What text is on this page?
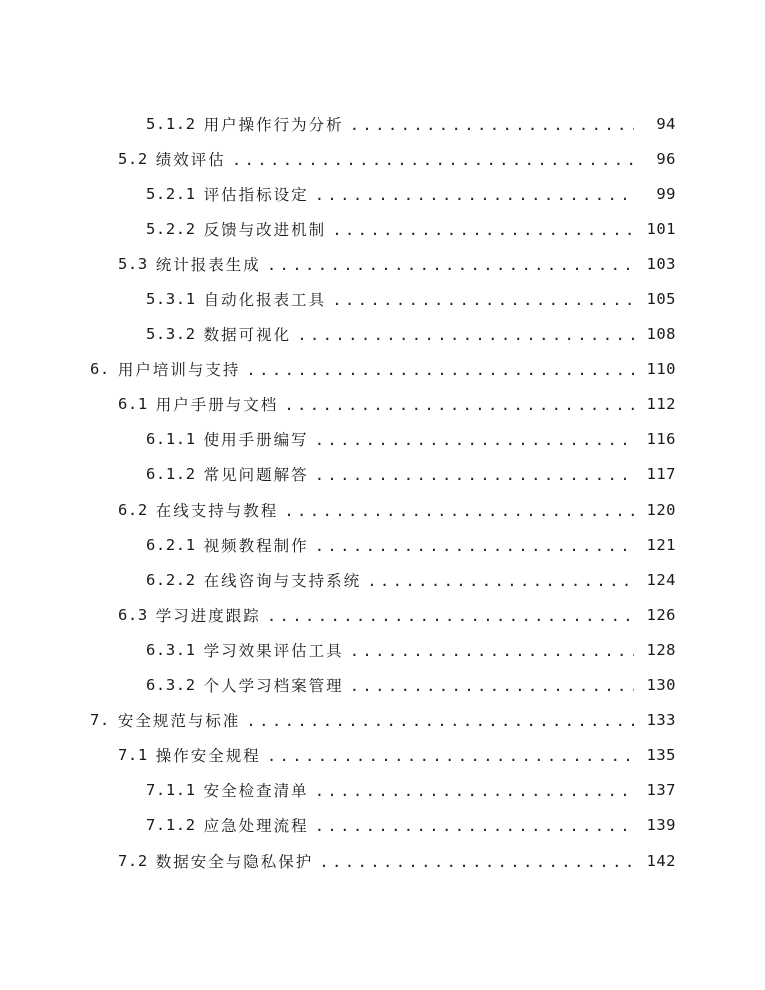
5.1.2 用户操作行为分析 .....	94
5.2 绩效评估 .....	96
5.2.1 评估指标设定 .....	99
5.2.2 反馈与改进机制 .....	101
5.3 统计报表生成 .....	103
5.3.1 自动化报表工具 .....	105
5.3.2 数据可视化 .....	108
6. 用户培训与支持 .....	110
6.1 用户手册与文档 .....	112
6.1.1 使用手册编写 .....	116
6.1.2 常见问题解答 .....	117
6.2 在线支持与教程 .....	120
6.2.1 视频教程制作 .....	121
6.2.2 在线咨询与支持系统 .....	124
6.3 学习进度跟踪 .....	126
6.3.1 学习效果评估工具 .....	128
6.3.2 个人学习档案管理 .....	130
7. 安全规范与标准 .....	133
7.1 操作安全规程 .....	135
7.1.1 安全检查清单 .....	137
7.1.2 应急处理流程 .....	139
7.2 数据安全与隐私保护 .....	142
